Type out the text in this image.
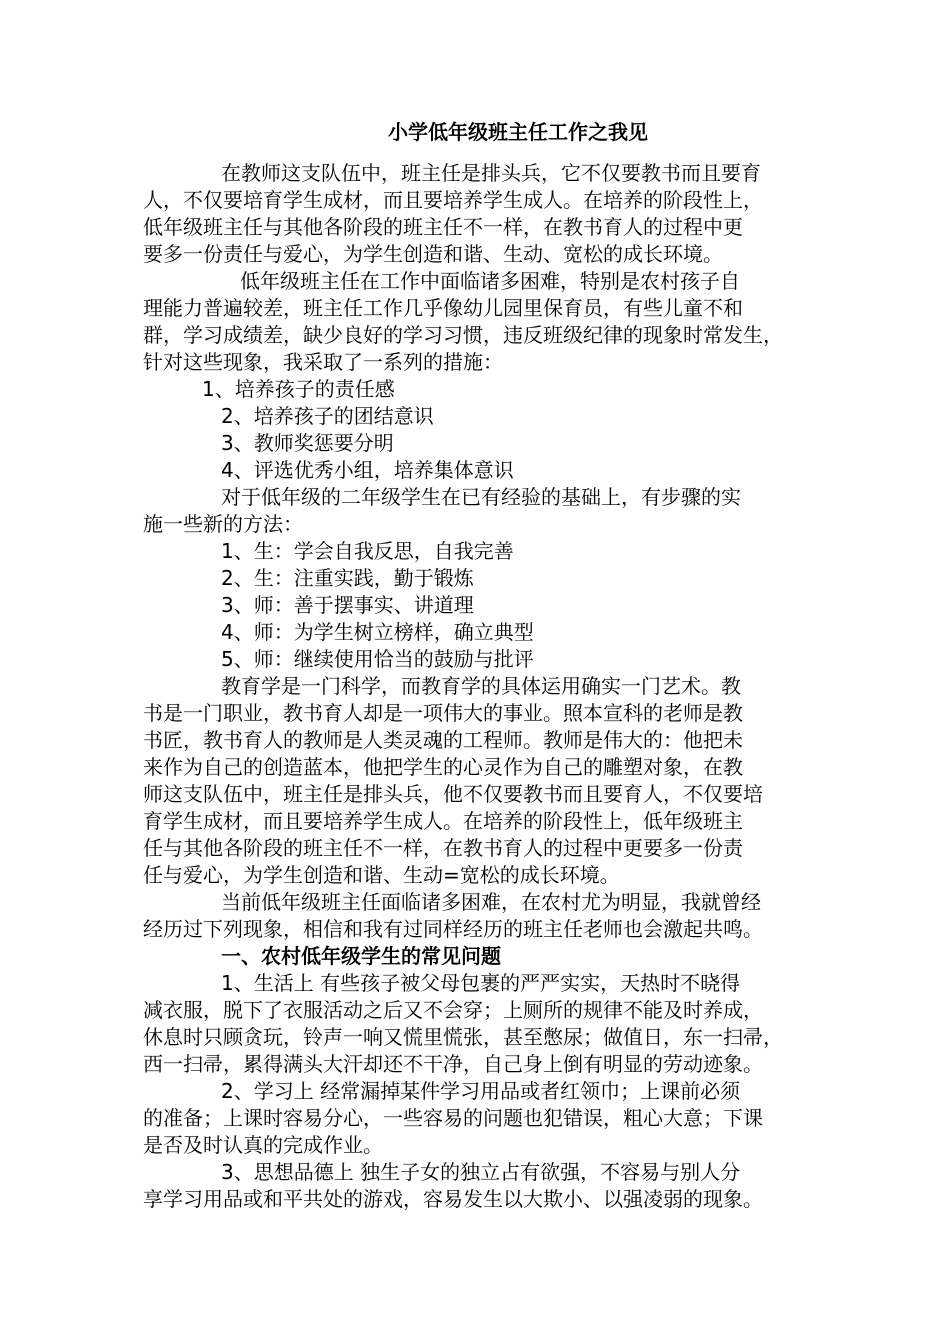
小学低年级班主任工作之我见
在教师这支队伍中，班主任是排头兵，它不仅要教书而且要育
人，不仅要培育学生成材，而且要培养学生成人。在培养的阶段性上，
低年级班主任与其他各阶段的班主任不一样，在教书育人的过程中更
要多一份责任与爱心，为学生创造和谐、生动、宽松的成长环境。
低年级班主任在工作中面临诸多困难，特别是农村孩子自
理能力普遍较差，班主任工作几乎像幼儿园里保育员，有些儿童不和
群，学习成绩差，缺少良好的学习习惯，违反班级纪律的现象时常发生，
针对这些现象，我采取了一系列的措施：
1、培养孩子的责任感
2、培养孩子的团结意识
3、教师奖惩要分明
4、评选优秀小组，培养集体意识
对于低年级的二年级学生在已有经验的基础上，有步骤的实
施一些新的方法：
1、生：学会自我反思，自我完善
2、生：注重实践，勤于锻炼
3、师：善于摆事实、讲道理
4、师：为学生树立榜样，确立典型
5、师：继续使用恰当的鼓励与批评
教育学是一门科学，而教育学的具体运用确实一门艺术。教
书是一门职业，教书育人却是一项伟大的事业。照本宣科的老师是教
书匠，教书育人的教师是人类灵魂的工程师。教师是伟大的：他把未
来作为自己的创造蓝本，他把学生的心灵作为自己的雕塑对象，在教
师这支队伍中，班主任是排头兵，他不仅要教书而且要育人，不仅要培
育学生成材，而且要培养学生成人。在培养的阶段性上，低年级班主
任与其他各阶段的班主任不一样，在教书育人的过程中更要多一份责
任与爱心，为学生创造和谐、生动=宽松的成长环境。
当前低年级班主任面临诸多困难，在农村尤为明显，我就曾经
经历过下列现象，相信和我有过同样经历的班主任老师也会激起共鸣。
一、农村低年级学生的常见问题
1、生活上 有些孩子被父母包裹的严严实实，天热时不晓得
减衣服，脱下了衣服活动之后又不会穿；上厕所的规律不能及时养成，
休息时只顾贪玩，铃声一响又慌里慌张，甚至憋尿；做值日，东一扫帚，
西一扫帚，累得满头大汗却还不干净，自己身上倒有明显的劳动迹象。
2、学习上 经常漏掉某件学习用品或者红领巾；上课前必须
的准备；上课时容易分心，一些容易的问题也犯错误，粗心大意；下课
是否及时认真的完成作业。
3、思想品德上 独生子女的独立占有欲强，不容易与别人分
享学习用品或和平共处的游戏，容易发生以大欺小、以强凌弱的现象。
